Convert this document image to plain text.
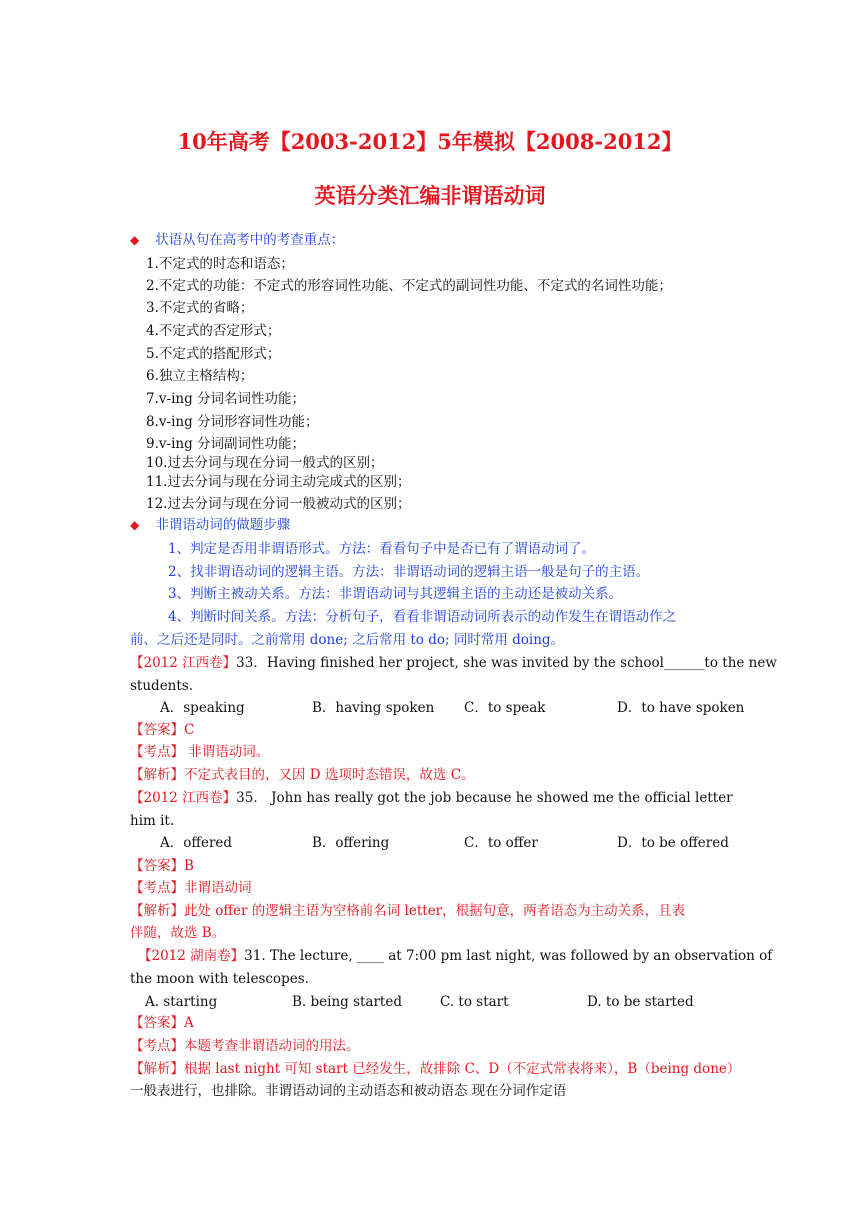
10年高考【2003-2012】5年模拟【2008-2012】
英语分类汇编非谓语动词
◆ 状语从句在高考中的考查重点：
1.不定式的时态和语态；
2.不定式的功能：不定式的形容词性功能、不定式的副词性功能、不定式的名词性功能；
3.不定式的省略；
4.不定式的否定形式；
5.不定式的搭配形式；
6.独立主格结构；
7.v-ing 分词名词性功能；
8.v-ing 分词形容词性功能；
9.v-ing 分词副词性功能；
10.过去分词与现在分词一般式的区别；
11.过去分词与现在分词主动完成式的区别；
12.过去分词与现在分词一般被动式的区别；
◆ 非谓语动词的做题步骤
1、判定是否用非谓语形式。方法：看看句子中是否已有了谓语动词了。
2、找非谓语动词的逻辑主语。方法：非谓语动词的逻辑主语一般是句子的主语。
3、判断主被动关系。方法：非谓语动词与其逻辑主语的主动还是被动关系。
4、判断时间关系。方法：分析句子，看看非谓语动词所表示的动作发生在谓语动作之
前、之后还是同时。之前常用 done; 之后常用 to do; 同时常用 doing。
【2012 江西卷】33．Having finished her project, she was invited by the school______to the new
students.
A．speaking	B．having spoken C．to speak	D．to have spoken
【答案】C
【考点】 非谓语动词。
【解析】不定式表目的，又因 D 选项时态错误，故选 C。
【2012 江西卷】35． John has really got the job because he showed me the official letter
him it.
A．offered	B．offering	C．to offer	D．to be offered
【答案】B
【考点】非谓语动词
【解析】此处 offer 的逻辑主语为空格前名词 letter，根据句意，两者语态为主动关系，且表
伴随，故选 B。
【2012 湖南卷】31. The lecture, ____ at 7:00 pm last night, was followed by an observation of
the moon with telescopes.
A. starting	B. being started	C. to start	D. to be started
【答案】A
【考点】本题考查非谓语动词的用法。
【解析】根据 last night 可知 start 已经发生，故排除 C、D（不定式常表将来），B（being done）
一般表进行，也排除。非谓语动词的主动语态和被动语态 现在分词作定语
